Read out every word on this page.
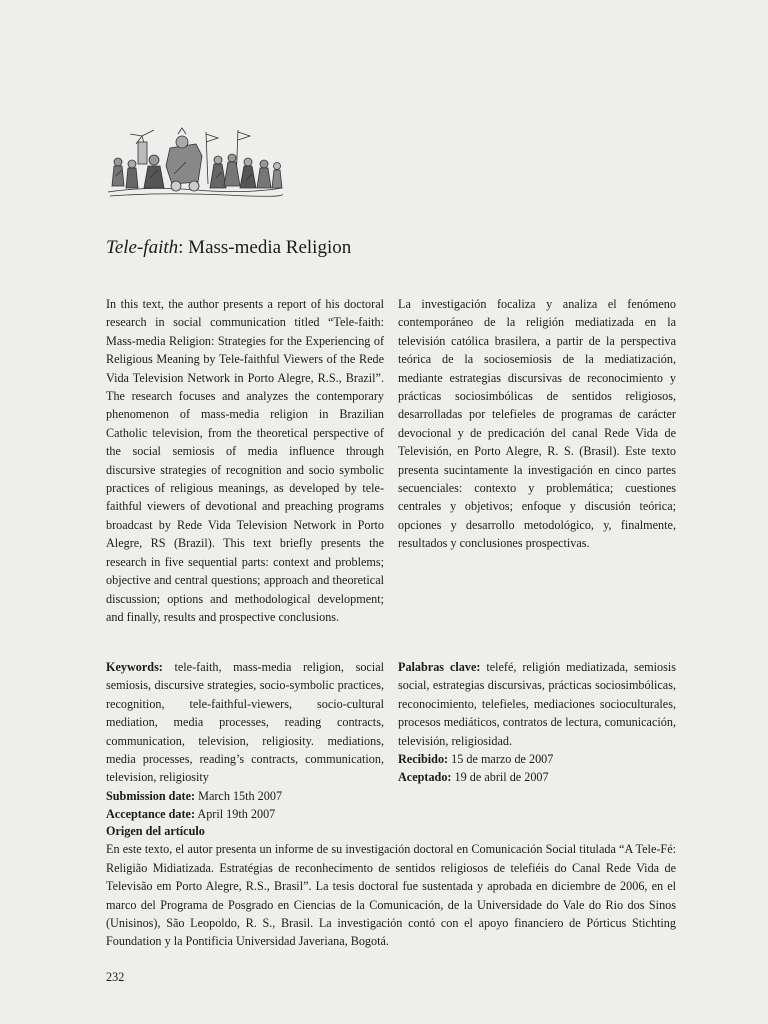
Tele-faith: Mass-media Religion

In this text, the author presents a report of his doctoral research in social communication titled “Tele-faith: Mass-media Religion: Strategies for the Experiencing of Religious Meaning by Tele-faithful Viewers of the Rede Vida Television Network in Porto Alegre, R.S., Brazil”. The research focuses and analyzes the contemporary phenomenon of mass-media religion in Brazilian Catholic television, from the theoretical perspective of the social semiosis of media influence through discursive strategies of recognition and socio symbolic practices of religious meanings, as developed by tele-faithful viewers of devotional and preaching programs broadcast by Rede Vida Television Network in Porto Alegre, RS (Brazil). This text briefly presents the research in five sequential parts: context and problems; objective and central questions; approach and theoretical discussion; options and methodological development; and finally, results and prospective conclusions.

La investigación focaliza y analiza el fenómeno contemporáneo de la religión mediatizada en la televisión católica brasilera, a partir de la perspectiva teórica de la sociosemiosis de la mediatización, mediante estrategias discursivas de reconocimiento y prácticas sociosimbólicas de sentidos religiosos, desarrolladas por telefieles de programas de carácter devocional y de predicación del canal Rede Vida de Televisión, en Porto Alegre, R. S. (Brasil). Este texto presenta sucintamente la investigación en cinco partes secuenciales: contexto y problemática; cuestiones centrales y objetivos; enfoque y discusión teórica; opciones y desarrollo metodológico, y, finalmente, resultados y conclusiones prospectivas.

Keywords: tele-faith, mass-media religion, social semiosis, discursive strategies, socio-symbolic practices, recognition, tele-faithful-viewers, socio-cultural mediation, media processes, reading contracts, communication, television, religiosity. mediations, media processes, reading’s contracts, communication, television, religiosity
Submission date: March 15th 2007
Acceptance date: April 19th 2007
Palabras clave: telefé, religión mediatizada, semiosis social, estrategias discursivas, prácticas sociosimbólicas, reconocimiento, telefieles, mediaciones socioculturales, procesos mediáticos, contratos de lectura, comunicación, televisión, religiosidad.
Recibido: 15 de marzo de 2007
Aceptado: 19 de abril de 2007

Origen del artículo

En este texto, el autor presenta un informe de su investigación doctoral en Comunicación Social titulada “A Tele-Fé: Religião Midiatizada. Estratégias de reconhecimento de sentidos religiosos de telefiéis do Canal Rede Vida de Televisão em Porto Alegre, R.S., Brasil”. La tesis doctoral fue sustentada y aprobada en diciembre de 2006, en el marco del Programa de Posgrado en Ciencias de la Comunicación, de la Universidade do Vale do Rio dos Sinos (Unisinos), São Leopoldo, R. S., Brasil. La investigación contó con el apoyo financiero de Pórticus Stichting Foundation y la Pontificia Universidad Javeriana, Bogotá.

232
